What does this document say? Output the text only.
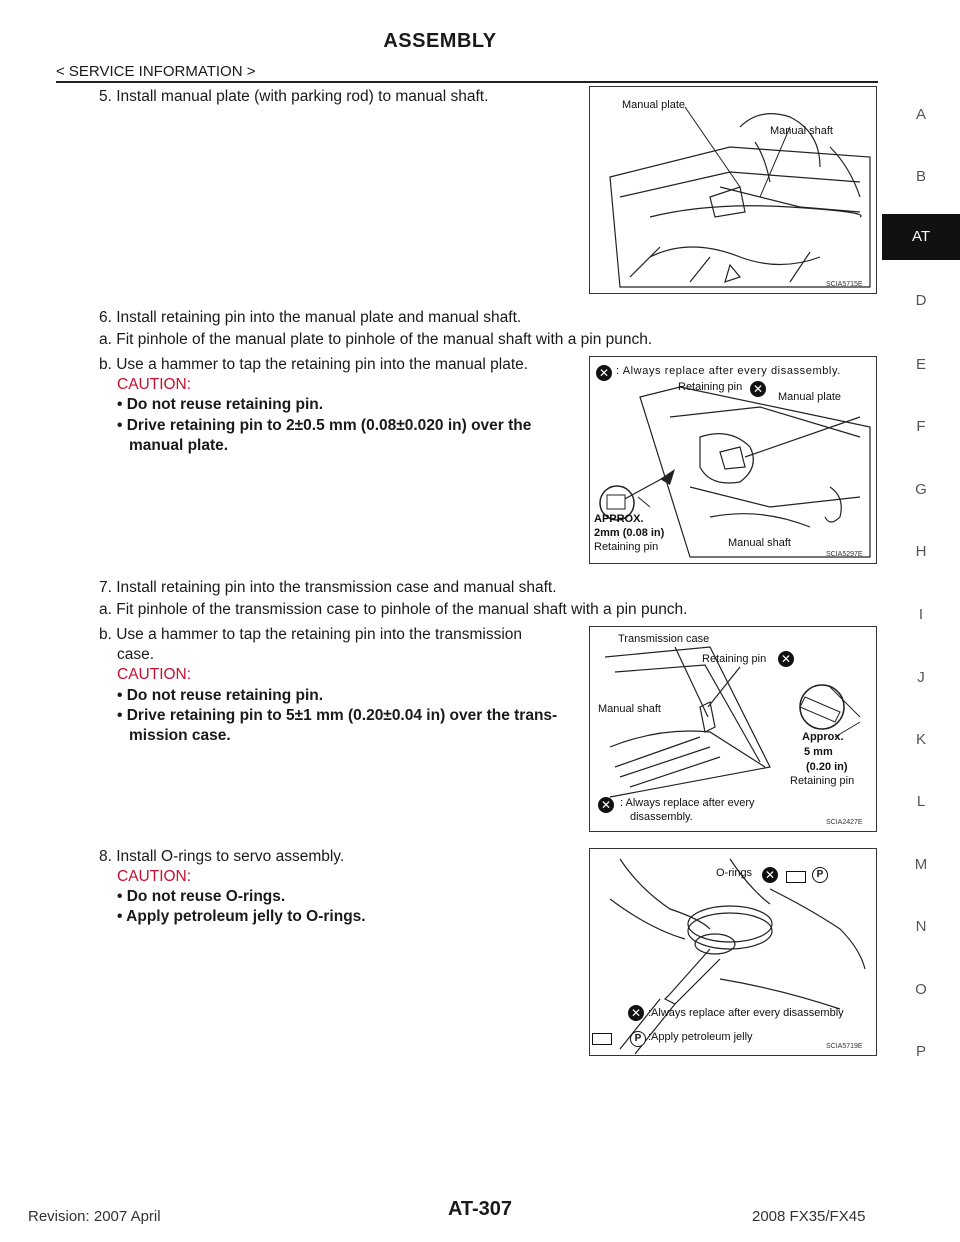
ASSEMBLY
< SERVICE INFORMATION >
5. Install manual plate (with parking rod) to manual shaft.	Manual plate
Manual shaft
SCIA5715E
6. Install retaining pin into the manual plate and manual shaft.
a. Fit pinhole of the manual plate to pinhole of the manual shaft with a pin punch.
b. Use a hammer to tap the retaining pin into the manual plate.
CAUTION:
• Do not reuse retaining pin.
• Drive retaining pin to 2±0.5 mm (0.08±0.020 in) over the
manual plate.
✕ : Always replace after every disassembly.
Retaining pin ✕
Manual plate
APPROX.
2mm (0.08 in)
Retaining pin	Manual shaft
SCIA5297E
7. Install retaining pin into the transmission case and manual shaft.
a. Fit pinhole of the transmission case to pinhole of the manual shaft with a pin punch.
b. Use a hammer to tap the retaining pin into the transmission
case.
CAUTION:
• Do not reuse retaining pin.
• Drive retaining pin to 5±1 mm (0.20±0.04 in) over the trans-
mission case.
Transmission case
Retaining pin ✕
Manual shaft
Approx.
5 mm
(0.20 in)
Retaining pin
✕ : Always replace after every
disassembly.	SCIA2427E
8. Install O-rings to servo assembly.
CAUTION:
• Do not reuse O-rings.
• Apply petroleum jelly to O-rings.
O-rings ✕	P
✕ :Always replace after every disassembly
P :Apply petroleum jelly
SCIA5719E
A
B
AT
D
E
F
G
H
I
J
K
L
M
N
O
P
Revision: 2007 April	AT-307	2008 FX35/FX45
